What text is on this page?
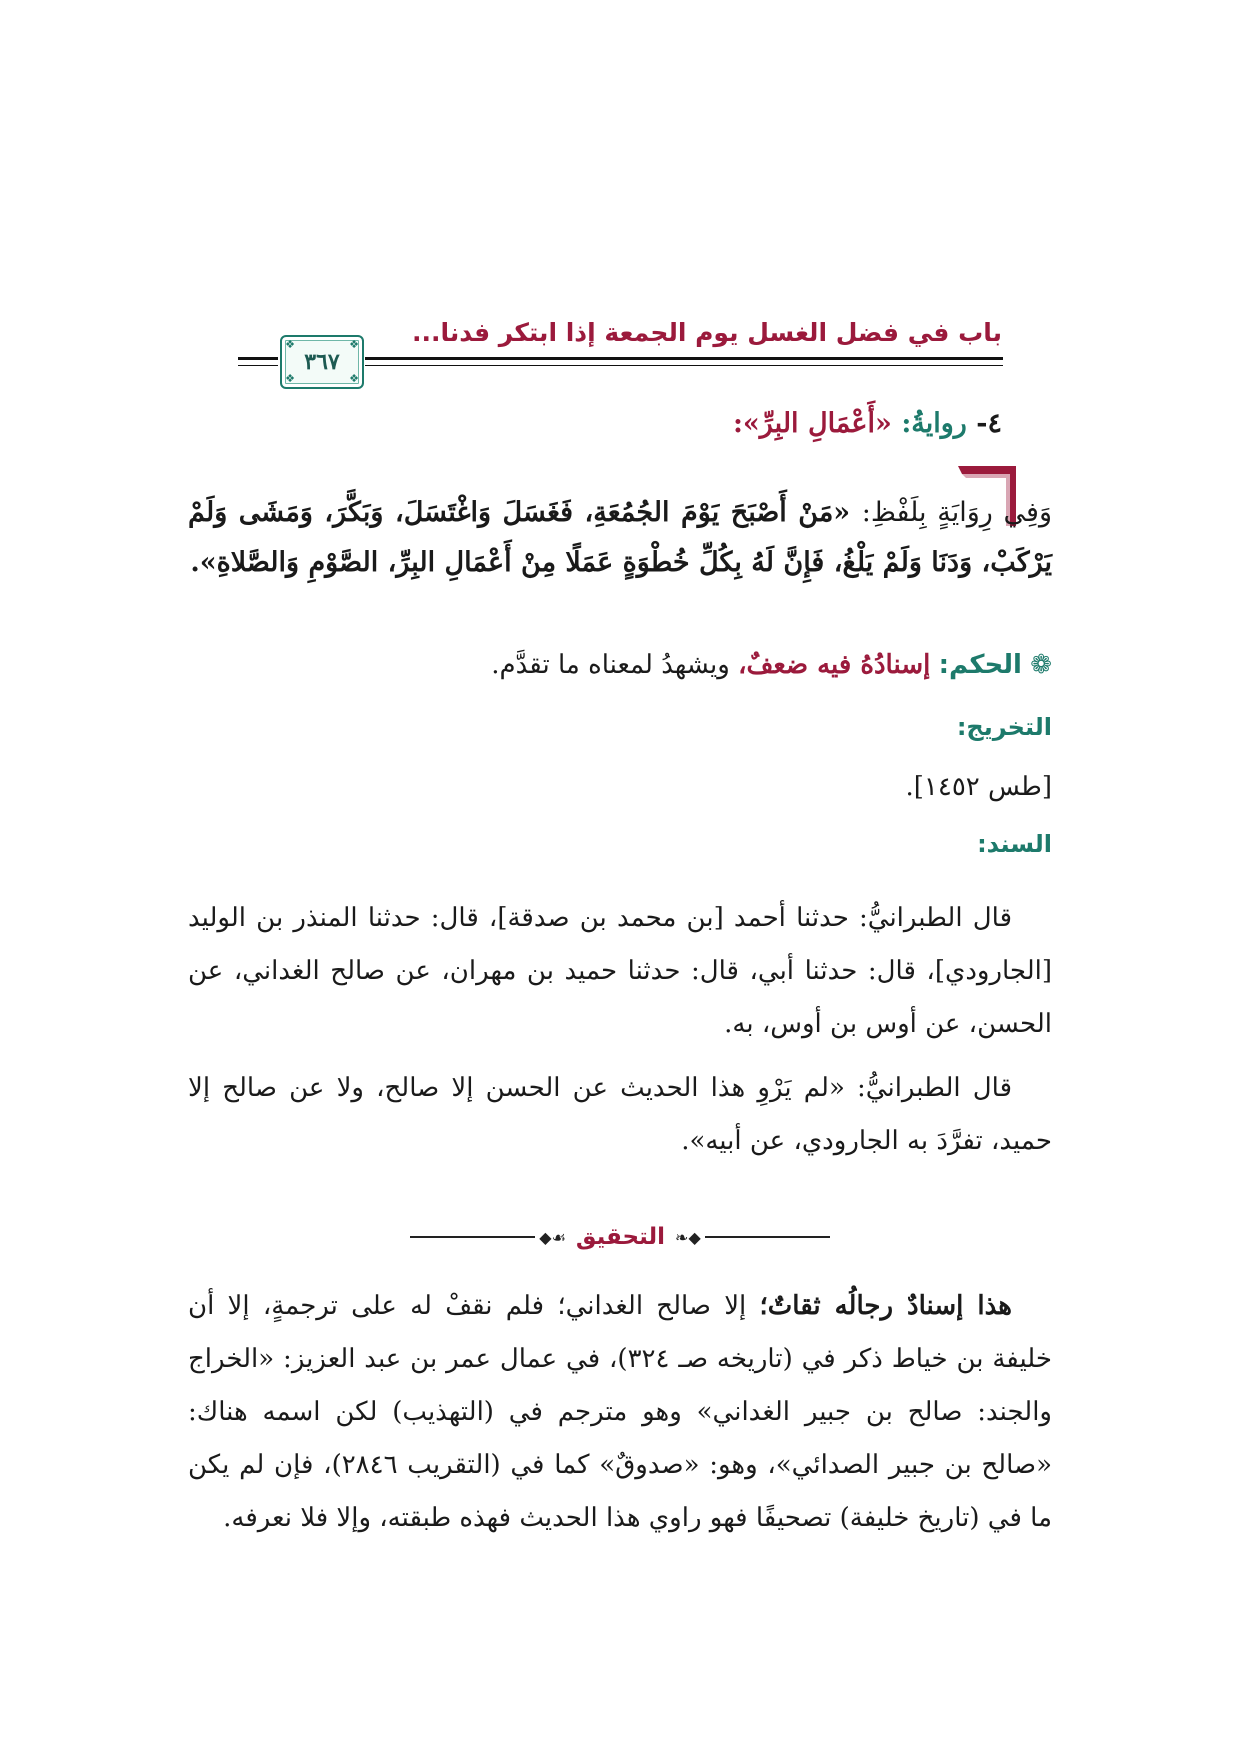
باب في فضل الغسل يوم الجمعة إذا ابتكر فدنا...
❖	❖
❖	❖
٣٦٧
٤- روايةُ: «أَعْمَالِ البِرِّ»:
وَفِي رِوَايَةٍ بِلَفْظِ: «مَنْ أَصْبَحَ يَوْمَ الجُمُعَةِ، فَغَسَلَ وَاغْتَسَلَ، وَبَكَّرَ، وَمَشَى وَلَمْ يَرْكَبْ، وَدَنَا وَلَمْ يَلْغُ، فَإِنَّ لَهُ بِكُلِّ خُطْوَةٍ عَمَلًا مِنْ أَعْمَالِ البِرِّ، الصَّوْمِ وَالصَّلاةِ».
❁ الحكم: إسنادُهُ فيه ضعفٌ، ويشهدُ لمعناه ما تقدَّم.
التخريج:
[طس ١٤٥٢].
السند:
قال الطبرانيُّ: حدثنا أحمد [بن محمد بن صدقة]، قال: حدثنا المنذر بن الوليد [الجارودي]، قال: حدثنا أبي، قال: حدثنا حميد بن مهران، عن صالح الغداني، عن الحسن، عن أوس بن أوس، به.
قال الطبرانيُّ: «لم يَرْوِ هذا الحديث عن الحسن إلا صالح، ولا عن صالح إلا حميد، تفرَّدَ به الجارودي، عن أبيه».
◆❧
التحقيق
☙◆
هذا إسنادٌ رجالُه ثقاتٌ؛ إلا صالح الغداني؛ فلم نقفْ له على ترجمةٍ، إلا أن خليفة بن خياط ذكر في (تاريخه صـ ٣٢٤)، في عمال عمر بن عبد العزيز: «الخراج والجند: صالح بن جبير الغداني» وهو مترجم في (التهذيب) لكن اسمه هناك: «صالح بن جبير الصدائي»، وهو: «صدوقٌ» كما في (التقريب ٢٨٤٦)، فإن لم يكن ما في (تاريخ خليفة) تصحيفًا فهو راوي هذا الحديث فهذه طبقته، وإلا فلا نعرفه.
